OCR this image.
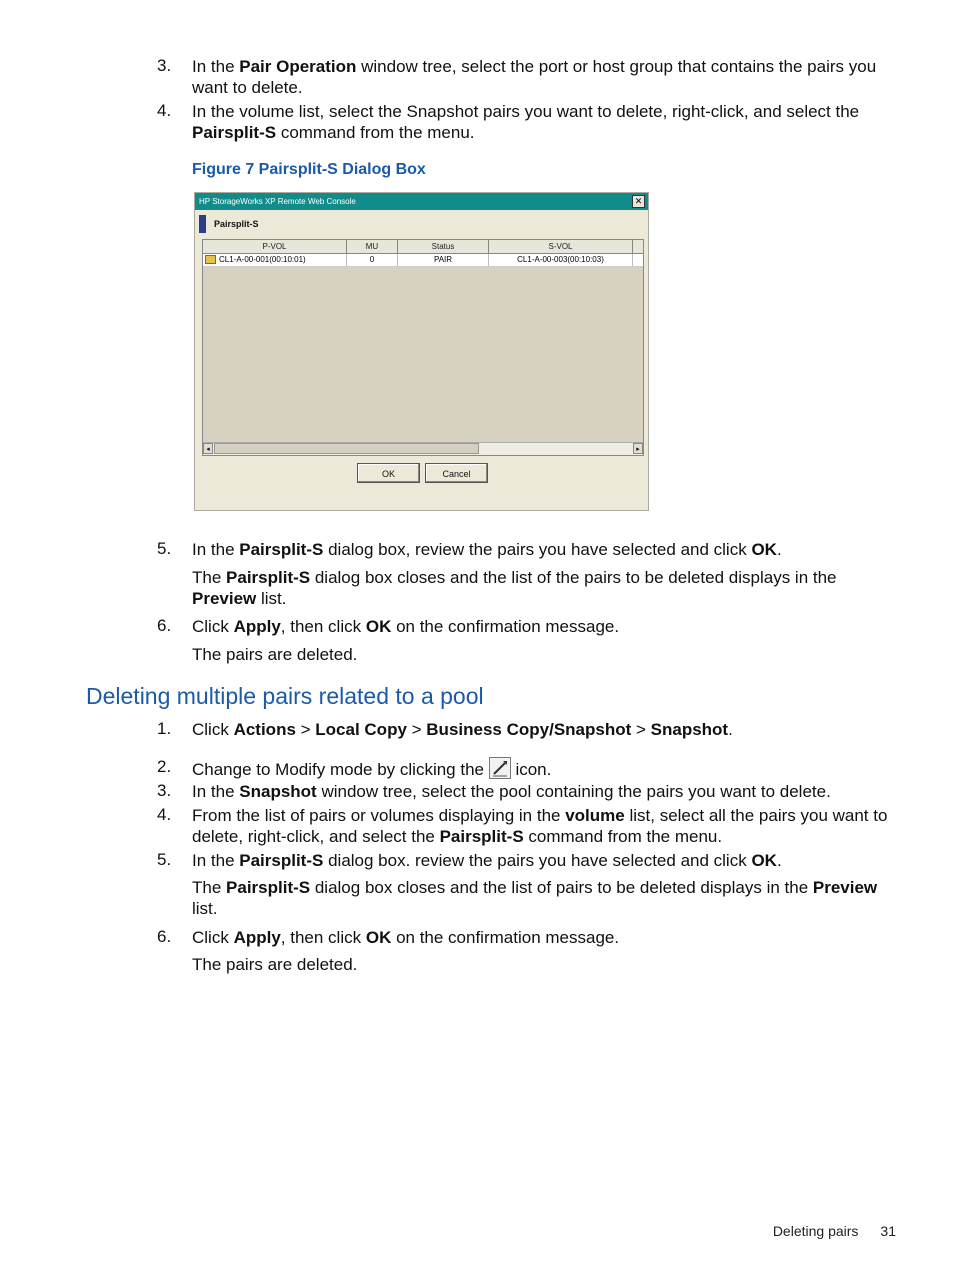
3.	In the Pair Operation window tree, select the port or host group that contains the pairs you want to delete.
4.	In the volume list, select the Snapshot pairs you want to delete, right-click, and select the Pairsplit-S command from the menu.
Figure 7 Pairsplit-S Dialog Box
HP StorageWorks XP Remote Web Console	✕
Pairsplit-S
P-VOL	MU	Status	S-VOL
CL1-A-00-001(00:10:01)	0	PAIR	CL1-A-00-003(00:10:03)
◂	▸
OK	Cancel
5.	In the Pairsplit-S dialog box, review the pairs you have selected and click OK.
The Pairsplit-S dialog box closes and the list of the pairs to be deleted displays in the Preview list.
6.	Click Apply, then click OK on the confirmation message.
The pairs are deleted.
Deleting multiple pairs related to a pool
1.	Click Actions > Local Copy > Business Copy/Snapshot > Snapshot.
2.	Change to Modify mode by clicking the
icon.
3.	In the Snapshot window tree, select the pool containing the pairs you want to delete.
4.	From the list of pairs or volumes displaying in the volume list, select all the pairs you want to delete, right-click, and select the Pairsplit-S command from the menu.
5.	In the Pairsplit-S dialog box. review the pairs you have selected and click OK.
The Pairsplit-S dialog box closes and the list of pairs to be deleted displays in the Preview list.
6.	Click Apply, then click OK on the confirmation message.
The pairs are deleted.
Deleting pairs 31
